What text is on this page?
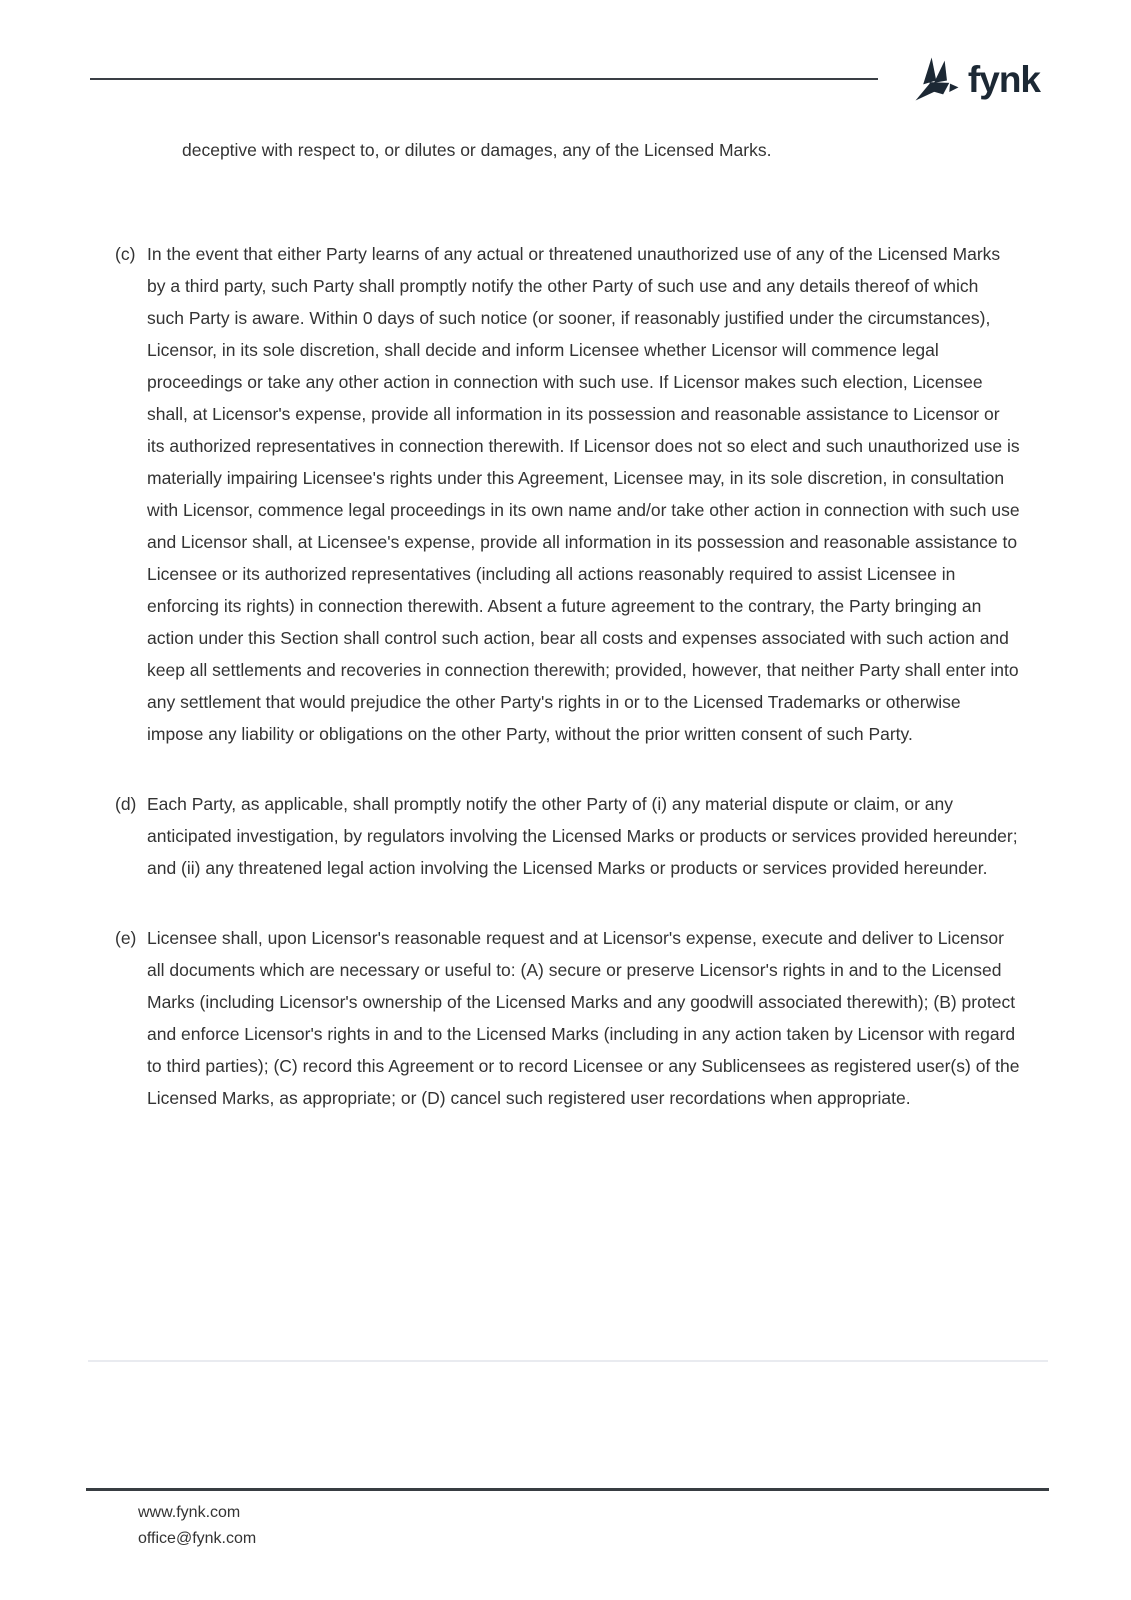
fynk

deceptive with respect to, or dilutes or damages, any of the Licensed Marks.

(c) In the event that either Party learns of any actual or threatened unauthorized use of any of the Licensed Marks by a third party, such Party shall promptly notify the other Party of such use and any details thereof of which such Party is aware. Within 0 days of such notice (or sooner, if reasonably justified under the circumstances), Licensor, in its sole discretion, shall decide and inform Licensee whether Licensor will commence legal proceedings or take any other action in connection with such use. If Licensor makes such election, Licensee shall, at Licensor's expense, provide all information in its possession and reasonable assistance to Licensor or its authorized representatives in connection therewith. If Licensor does not so elect and such unauthorized use is materially impairing Licensee's rights under this Agreement, Licensee may, in its sole discretion, in consultation with Licensor, commence legal proceedings in its own name and/or take other action in connection with such use and Licensor shall, at Licensee's expense, provide all information in its possession and reasonable assistance to Licensee or its authorized representatives (including all actions reasonably required to assist Licensee in enforcing its rights) in connection therewith. Absent a future agreement to the contrary, the Party bringing an action under this Section shall control such action, bear all costs and expenses associated with such action and keep all settlements and recoveries in connection therewith; provided, however, that neither Party shall enter into any settlement that would prejudice the other Party's rights in or to the Licensed Trademarks or otherwise impose any liability or obligations on the other Party, without the prior written consent of such Party.

(d) Each Party, as applicable, shall promptly notify the other Party of (i) any material dispute or claim, or any anticipated investigation, by regulators involving the Licensed Marks or products or services provided hereunder; and (ii) any threatened legal action involving the Licensed Marks or products or services provided hereunder.

(e) Licensee shall, upon Licensor's reasonable request and at Licensor's expense, execute and deliver to Licensor all documents which are necessary or useful to: (A) secure or preserve Licensor's rights in and to the Licensed Marks (including Licensor's ownership of the Licensed Marks and any goodwill associated therewith); (B) protect and enforce Licensor's rights in and to the Licensed Marks (including in any action taken by Licensor with regard to third parties); (C) record this Agreement or to record Licensee or any Sublicensees as registered user(s) of the Licensed Marks, as appropriate; or (D) cancel such registered user recordations when appropriate.

www.fynk.com
office@fynk.com
